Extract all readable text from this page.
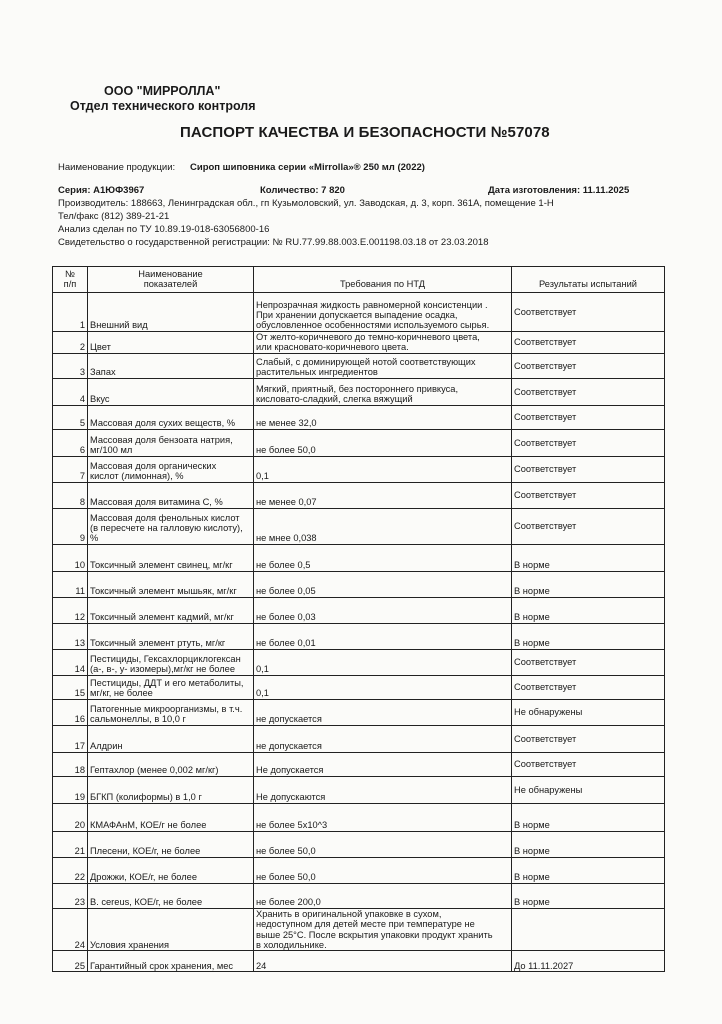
ООО "МИРРОЛЛА"
Отдел технического контроля
ПАСПОРТ КАЧЕСТВА И БЕЗОПАСНОСТИ №57078
Наименование продукции: Сироп шиповника серии «Mirrolla»® 250 мл (2022)
Серия: А1ЮФ3967	Количество: 7 820	Дата изготовления: 11.11.2025
Производитель: 188663, Ленинградская обл., гп Кузьмоловский, ул. Заводская, д. 3, корп. 361А, помещение 1-Н
Тел/факс (812) 389-21-21
Анализ сделан по ТУ 10.89.19-018-63056800-16
Свидетельство о государственной регистрации: № RU.77.99.88.003.Е.001198.03.18 от 23.03.2018
№
п/п	Наименование
показателей	Требования по НТД	Результаты испытаний
1	Внешний вид	Непрозрачная жидкость равномерной консистенции .
При хранении допускается выпадение осадка,
обусловленное особенностями используемого сырья.	Соответствует
2	Цвет	От желто-коричневого до темно-коричневого цвета,
или красновато-коричневого цвета.	Соответствует
3	Запах	Слабый, с доминирующей нотой соответствующих
растительных ингредиентов	Соответствует
4	Вкус	Мягкий, приятный, без постороннего привкуса,
кисловато-сладкий, слегка вяжущий	Соответствует
5	Массовая доля сухих веществ, %	не менее 32,0	Соответствует
6	Массовая доля бензоата натрия,
мг/100 мл	не более 50,0	Соответствует
7	Массовая доля органических
кислот (лимонная), %	0,1	Соответствует
8	Массовая доля витамина С, %	не менее 0,07	Соответствует
9	Массовая доля фенольных кислот
(в пересчете на галловую кислоту),
%	не мнее 0,038	Соответствует
10	Токсичный элемент свинец, мг/кг	не более 0,5	В норме
11	Токсичный элемент мышьяк, мг/кг	не более 0,05	В норме
12	Токсичный элемент кадмий, мг/кг	не более 0,03	В норме
13	Токсичный элемент ртуть, мг/кг	не более 0,01	В норме
14	Пестициды, Гексахлорциклогексан
(а-, в-, у- изомеры),мг/кг не более	0,1	Соответствует
15	Пестициды, ДДТ и его метаболиты,
мг/кг, не более	0,1	Соответствует
16	Патогенные микроорганизмы, в т.ч.
сальмонеллы, в 10,0 г	не допускается	Не обнаружены
17	Алдрин	не допускается	Соответствует
18	Гептахлор (менее 0,002 мг/кг)	Не допускается	Соответствует
19	БГКП (колиформы) в 1,0 г	Не допускаются	Не обнаружены
20	КМАФАнМ, КОЕ/г не более	не более 5х10^3	В норме
21	Плесени, КОЕ/г, не более	не более 50,0	В норме
22	Дрожжи, КОЕ/г, не более	не более 50,0	В норме
23	B. cereus, КОЕ/г, не более	не более 200,0	В норме
24	Условия хранения	Хранить в оригинальной упаковке в сухом,
недоступном для детей месте при температуре не
выше 25°С. После вскрытия упаковки продукт хранить
в холодильнике.	
25	Гарантийный срок хранения, мес	24	До 11.11.2027
